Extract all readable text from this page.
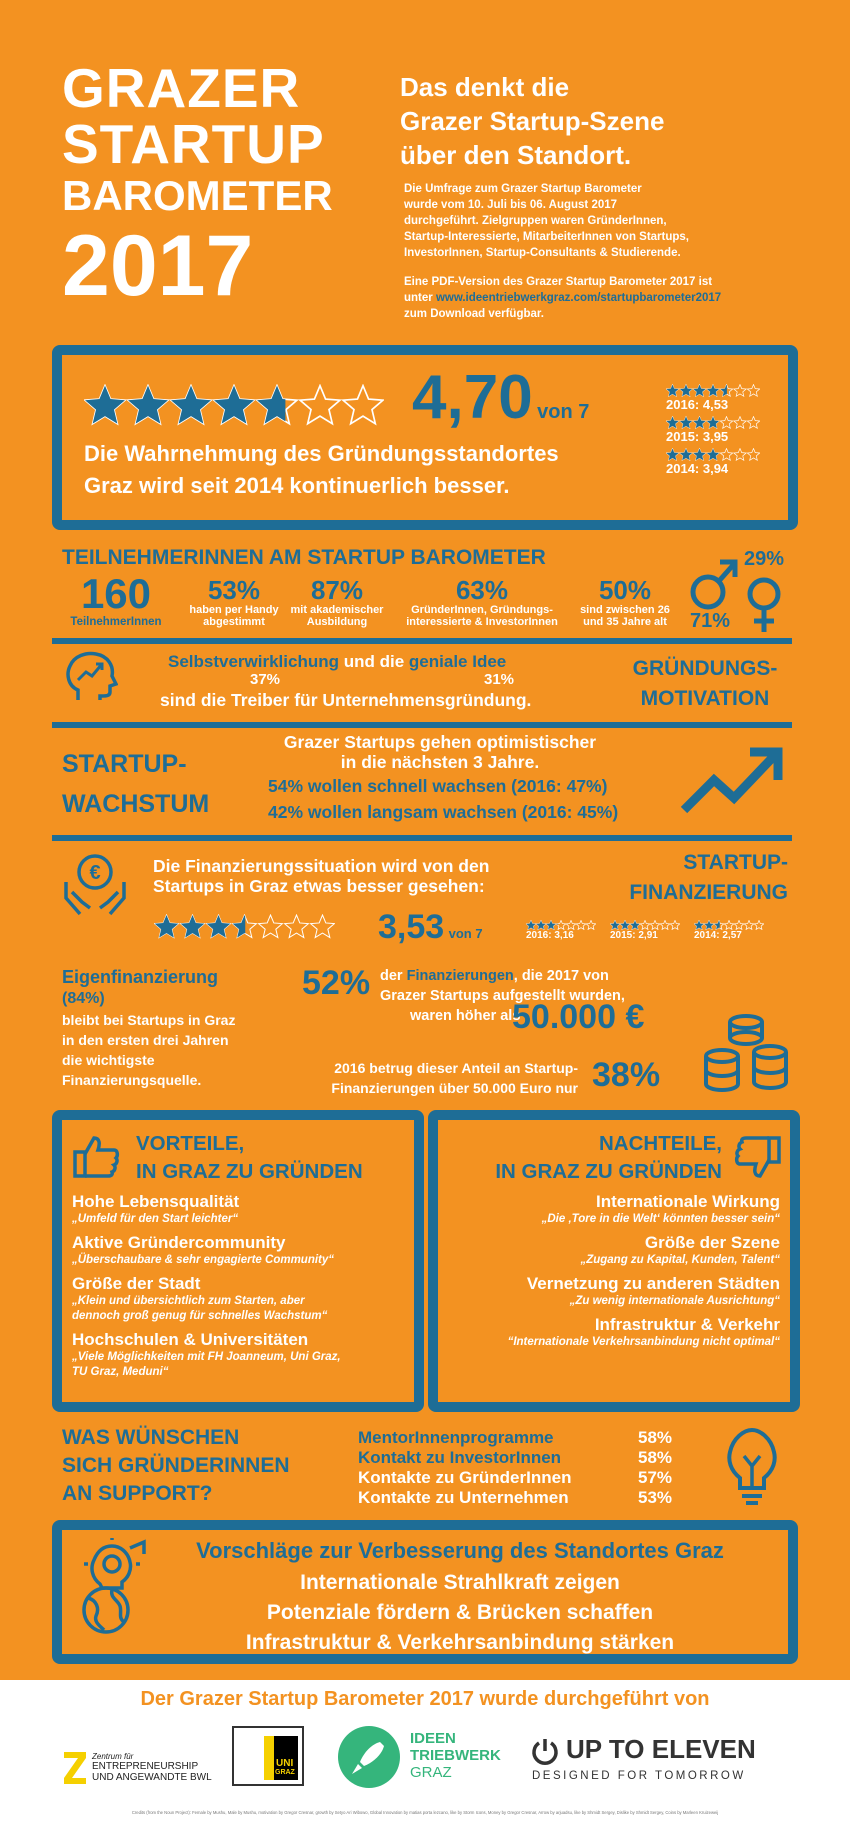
GRAZER
STARTUP
BAROMETER
2017
Das denkt die
Grazer Startup-Szene
über den Standort.
Die Umfrage zum Grazer Startup Barometer
wurde vom 10. Juli bis 06. August 2017
durchgeführt. Zielgruppen waren GründerInnen,
Startup-Interessierte, MitarbeiterInnen von Startups,
InvestorInnen, Startup-Consultants & Studierende.
Eine PDF-Version des Grazer Startup Barometer 2017 ist
unter www.ideentriebwerkgraz.com/startupbarometer2017
zum Download verfügbar.
4,70 von 7
Die Wahrnehmung des Gründungsstandortes
Graz wird seit 2014 kontinuerlich besser.
2016: 4,53
2015: 3,95
2014: 3,94
TEILNEHMERINNEN AM STARTUP BAROMETER
160
TeilnehmerInnen
53%
haben per Handy
abgestimmt
87%
mit akademischer
Ausbildung
63%
GründerInnen, Gründungs-
interessierte & InvestorInnen
50%
sind zwischen 26
und 35 Jahre alt
29%
71%
Selbstverwirklichung und die geniale Idee
37%	31%
sind die Treiber für Unternehmensgründung.
GRÜNDUNGS-
MOTIVATION
STARTUP-
WACHSTUM
Grazer Startups gehen optimistischer
in die nächsten 3 Jahre.
54% wollen schnell wachsen (2016: 47%)
42% wollen langsam wachsen (2016: 45%)
€	Die Finanzierungssituation wird von den
Startups in Graz etwas besser gesehen:
STARTUP-
FINANZIERUNG
3,53 von 7	2016: 3,16	2015: 2,91	2014: 2,57
Eigenfinanzierung
(84%)
bleibt bei Startups in Graz
in den ersten drei Jahren
die wichtigste
Finanzierungsquelle.
52% der Finanzierungen, die 2017 von
Grazer Startups aufgestellt wurden,
waren höher als
50.000 €
2016 betrug dieser Anteil an Startup-
Finanzierungen über 50.000 Euro nur 38%
VORTEILE,
IN GRAZ ZU GRÜNDEN
Hohe Lebensqualität
„Umfeld für den Start leichter“
Aktive Gründercommunity
„Überschaubare & sehr engagierte Community“
Größe der Stadt
„Klein und übersichtlich zum Starten, aber
dennoch groß genug für schnelles Wachstum“
Hochschulen & Universitäten
„Viele Möglichkeiten mit FH Joanneum, Uni Graz,
TU Graz, Meduni“
NACHTEILE,
IN GRAZ ZU GRÜNDEN
Internationale Wirkung
„Die ‚Tore in die Welt‘ könnten besser sein“
Größe der Szene
„Zugang zu Kapital, Kunden, Talent“
Vernetzung zu anderen Städten
„Zu wenig internationale Ausrichtung“
Infrastruktur & Verkehr
“Internationale Verkehrsanbindung nicht optimal“
WAS WÜNSCHEN
SICH GRÜNDERINNEN
AN SUPPORT?
MentorInnenprogramme	58%
Kontakt zu InvestorInnen	58%
Kontakte zu GründerInnen	57%
Kontakte zu Unternehmen	53%
Vorschläge zur Verbesserung des Standortes Graz
Internationale Strahlkraft zeigen
Potenziale fördern & Brücken schaffen
Infrastruktur & Verkehrsanbindung stärken
Der Grazer Startup Barometer 2017 wurde durchgeführt von
Zentrum für
ENTREPRENEURSHIP
UND ANGEWANDTE BWL
UNI
GRAZ
IDEEN
TRIEBWERK
GRAZ
UP TO ELEVEN
DESIGNED FOR TOMORROW
Credits (from the Noun Project): Female by Mushu, Male by Mushu, motivation by Gregor Cresnar, growth by Setyo Ari Wibowo, Global Innovation by matias porta lezcano, like by Storm Icons, Money by Gregor Cresnar, Arrow by arjuadsu, like by Shmidt Sergey, Dislike by Shmidt Sergey, Coins by Marleen Kruizeweij
